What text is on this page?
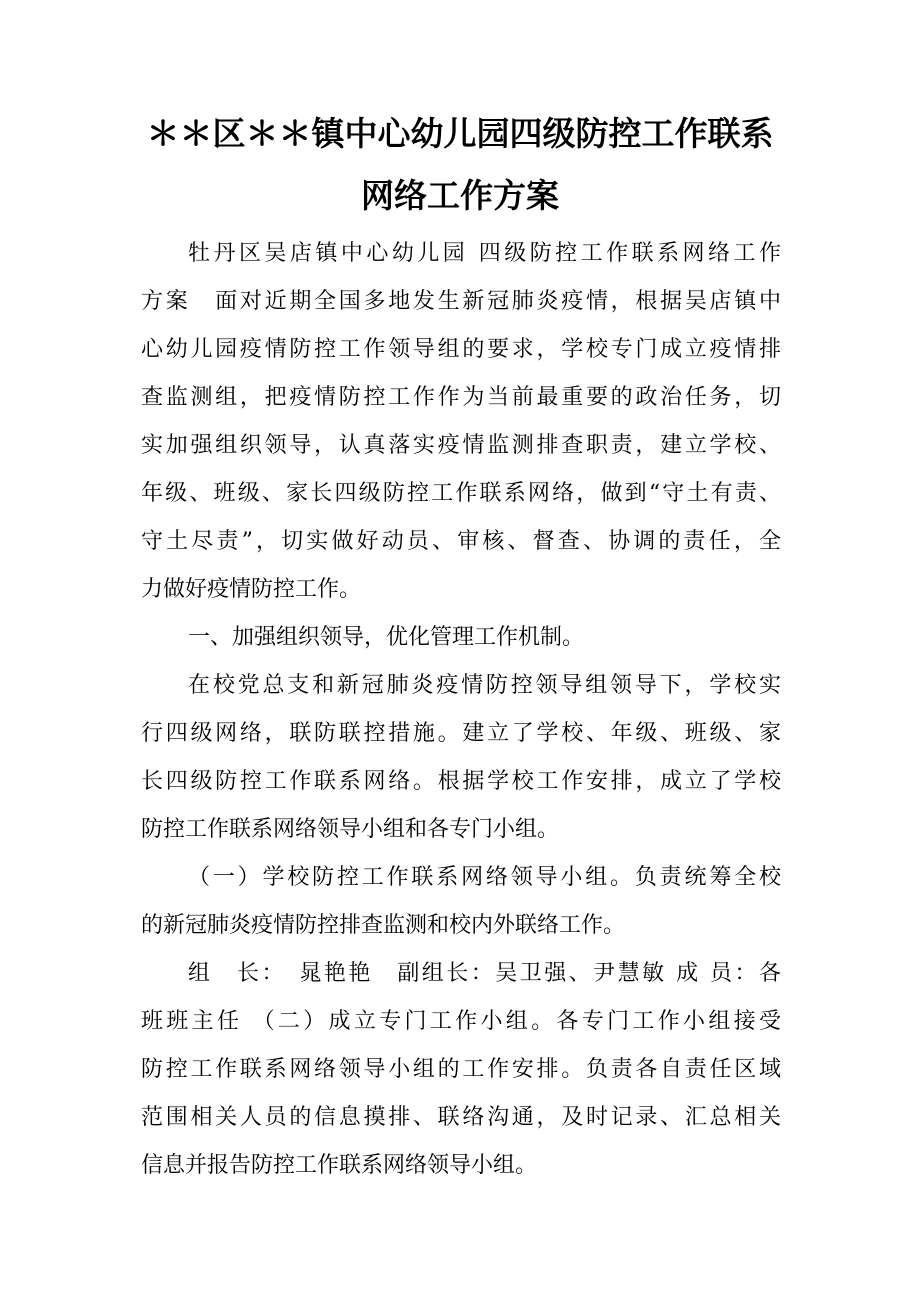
＊＊区＊＊镇中心幼儿园四级防控工作联系
网络工作方案

牡丹区吴店镇中心幼儿园 四级防控工作联系网络工作

方案　面对近期全国多地发生新冠肺炎疫情，根据吴店镇中

心幼儿园疫情防控工作领导组的要求，学校专门成立疫情排

查监测组，把疫情防控工作作为当前最重要的政治任务，切

实加强组织领导，认真落实疫情监测排查职责，建立学校、

年级、班级、家长四级防控工作联系网络，做到“守土有责、

守土尽责”，切实做好动员、审核、督查、协调的责任，全

力做好疫情防控工作。

一、加强组织领导，优化管理工作机制。

在校党总支和新冠肺炎疫情防控领导组领导下，学校实

行四级网络，联防联控措施。建立了学校、年级、班级、家

长四级防控工作联系网络。根据学校工作安排，成立了学校

防控工作联系网络领导小组和各专门小组。

（一）学校防控工作联系网络领导小组。负责统筹全校

的新冠肺炎疫情防控排查监测和校内外联络工作。

组　长：　晁艳艳　副组长：吴卫强、尹慧敏 成 员：各

班班主任 （二）成立专门工作小组。各专门工作小组接受

防控工作联系网络领导小组的工作安排。负责各自责任区域

范围相关人员的信息摸排、联络沟通，及时记录、汇总相关

信息并报告防控工作联系网络领导小组。
